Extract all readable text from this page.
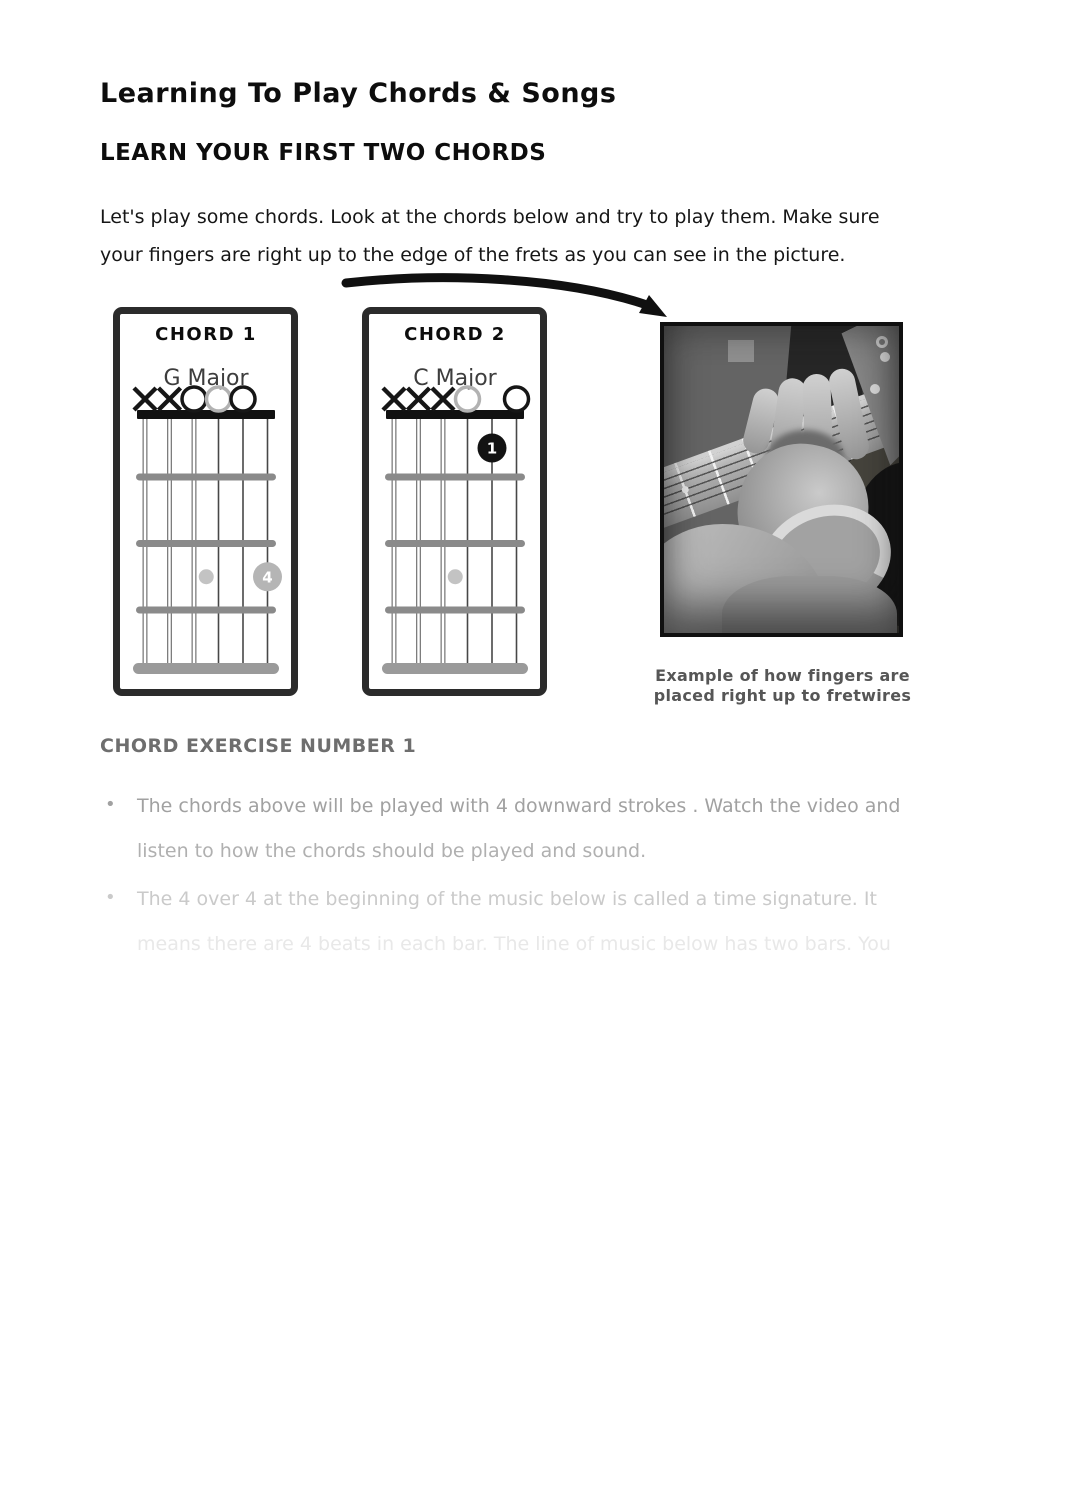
Learning To Play Chords & Songs
LEARN YOUR FIRST TWO CHORDS
Let's play some chords. Look at the chords below and try to play them. Make sure
your fingers are right up to the edge of the frets as you can see in the picture.
CHORD 1
G Major
4
CHORD 2
C Major
1
Example of how fingers are
placed right up to fretwires
CHORD EXERCISE NUMBER 1
• The chords above will be played with 4 downward strokes . Watch the video and
listen to how the chords should be played and sound.
• The 4 over 4 at the beginning of the music below is called a time signature. It
means there are 4 beats in each bar. The line of music below has two bars. You
